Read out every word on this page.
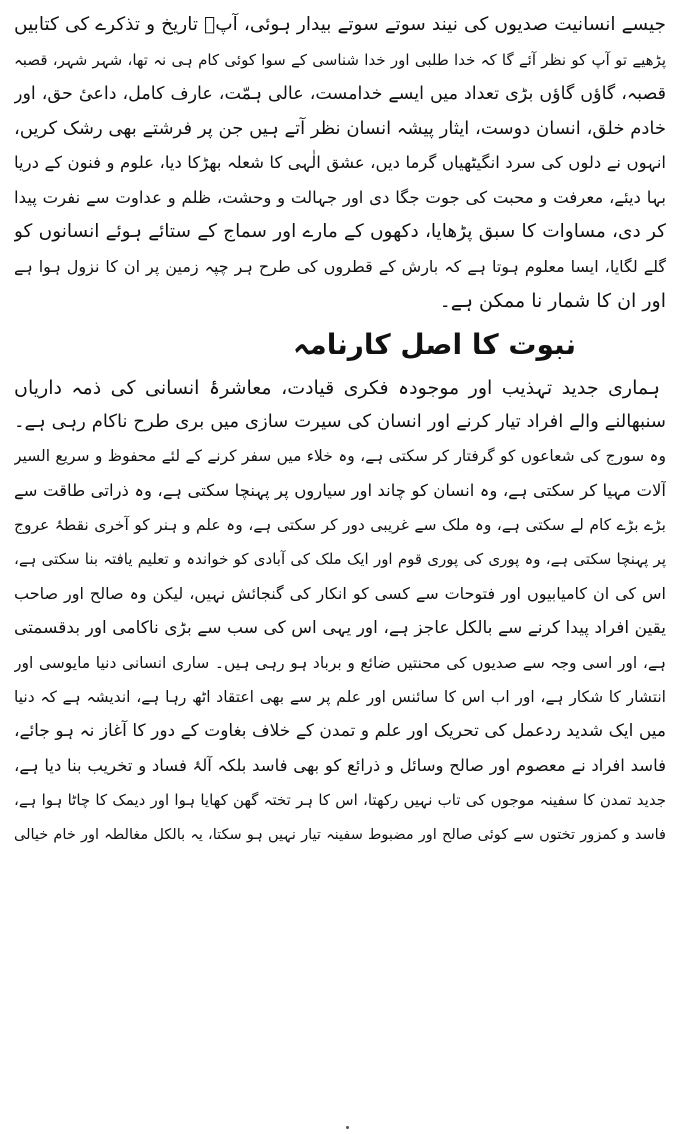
جیسے انسانیت صدیوں کی نیند سوتے سوتے بیدار ہوئی، آپؐ تاریخ و تذکرے کی کتابیں
پڑھیے تو آپ کو نظر آئے گا کہ خدا طلبی اور خدا شناسی کے سوا کوئی کام ہی نہ تھا، شہر شہر، قصبہ
قصبہ، گاؤں گاؤں بڑی تعداد میں ایسے خدامست، عالی ہمّت، عارف کامل، داعیٔ حق، اور
خادم خلق، انسان دوست، ایثار پیشہ انسان نظر آتے ہیں جن پر فرشتے بھی رشک کریں،
انہوں نے دلوں کی سرد انگیٹھیاں گرما دیں، عشق الٰہی کا شعلہ بھڑکا دیا، علوم و فنون کے دریا
بہا دیئے، معرفت و محبت کی جوت جگا دی اور جہالت و وحشت، ظلم و عداوت سے نفرت پیدا
کر دی، مساوات کا سبق پڑھایا، دکھوں کے مارے اور سماج کے ستائے ہوئے انسانوں کو
گلے لگایا، ایسا معلوم ہوتا ہے کہ بارش کے قطروں کی طرح ہر چپہ زمین پر ان کا نزول ہوا ہے
اور ان کا شمار نا ممکن ہے۔
نبوت کا اصل کارنامہ
ہماری جدید تہذیب اور موجودہ فکری قیادت، معاشرۂ انسانی کی ذمہ داریاں
سنبھالنے والے افراد تیار کرنے اور انسان کی سیرت سازی میں بری طرح ناکام رہی ہے۔
وہ سورج کی شعاعوں کو گرفتار کر سکتی ہے، وہ خلاء میں سفر کرنے کے لئے محفوظ و سریع السیر
آلات مہیا کر سکتی ہے، وہ انسان کو چاند اور سیاروں پر پہنچا سکتی ہے، وہ ذراتی طاقت سے
بڑے بڑے کام لے سکتی ہے، وہ ملک سے غریبی دور کر سکتی ہے، وہ علم و ہنر کو آخری نقطۂ عروج
پر پہنچا سکتی ہے، وہ پوری کی پوری قوم اور ایک ملک کی آبادی کو خواندہ و تعلیم یافتہ بنا سکتی ہے،
اس کی ان کامیابیوں اور فتوحات سے کسی کو انکار کی گنجائش نہیں، لیکن وہ صالح اور صاحب
یقین افراد پیدا کرنے سے بالکل عاجز ہے، اور یہی اس کی سب سے بڑی ناکامی اور بدقسمتی
ہے، اور اسی وجہ سے صدیوں کی محنتیں ضائع و برباد ہو رہی ہیں۔ ساری انسانی دنیا مایوسی اور
انتشار کا شکار ہے، اور اب اس کا سائنس اور علم پر سے بھی اعتقاد اٹھ رہا ہے، اندیشہ ہے کہ دنیا
میں ایک شدید ردعمل کی تحریک اور علم و تمدن کے خلاف بغاوت کے دور کا آغاز نہ ہو جائے،
فاسد افراد نے معصوم اور صالح وسائل و ذرائع کو بھی فاسد بلکہ آلۂ فساد و تخریب بنا دیا ہے،
جدید تمدن کا سفینہ موجوں کی تاب نہیں رکھتا، اس کا ہر تختہ گھن کھایا ہوا اور دیمک کا چاٹا ہوا ہے،
فاسد و کمزور تختوں سے کوئی صالح اور مضبوط سفینہ تیار نہیں ہو سکتا، یہ بالکل مغالطہ اور خام خیالی
